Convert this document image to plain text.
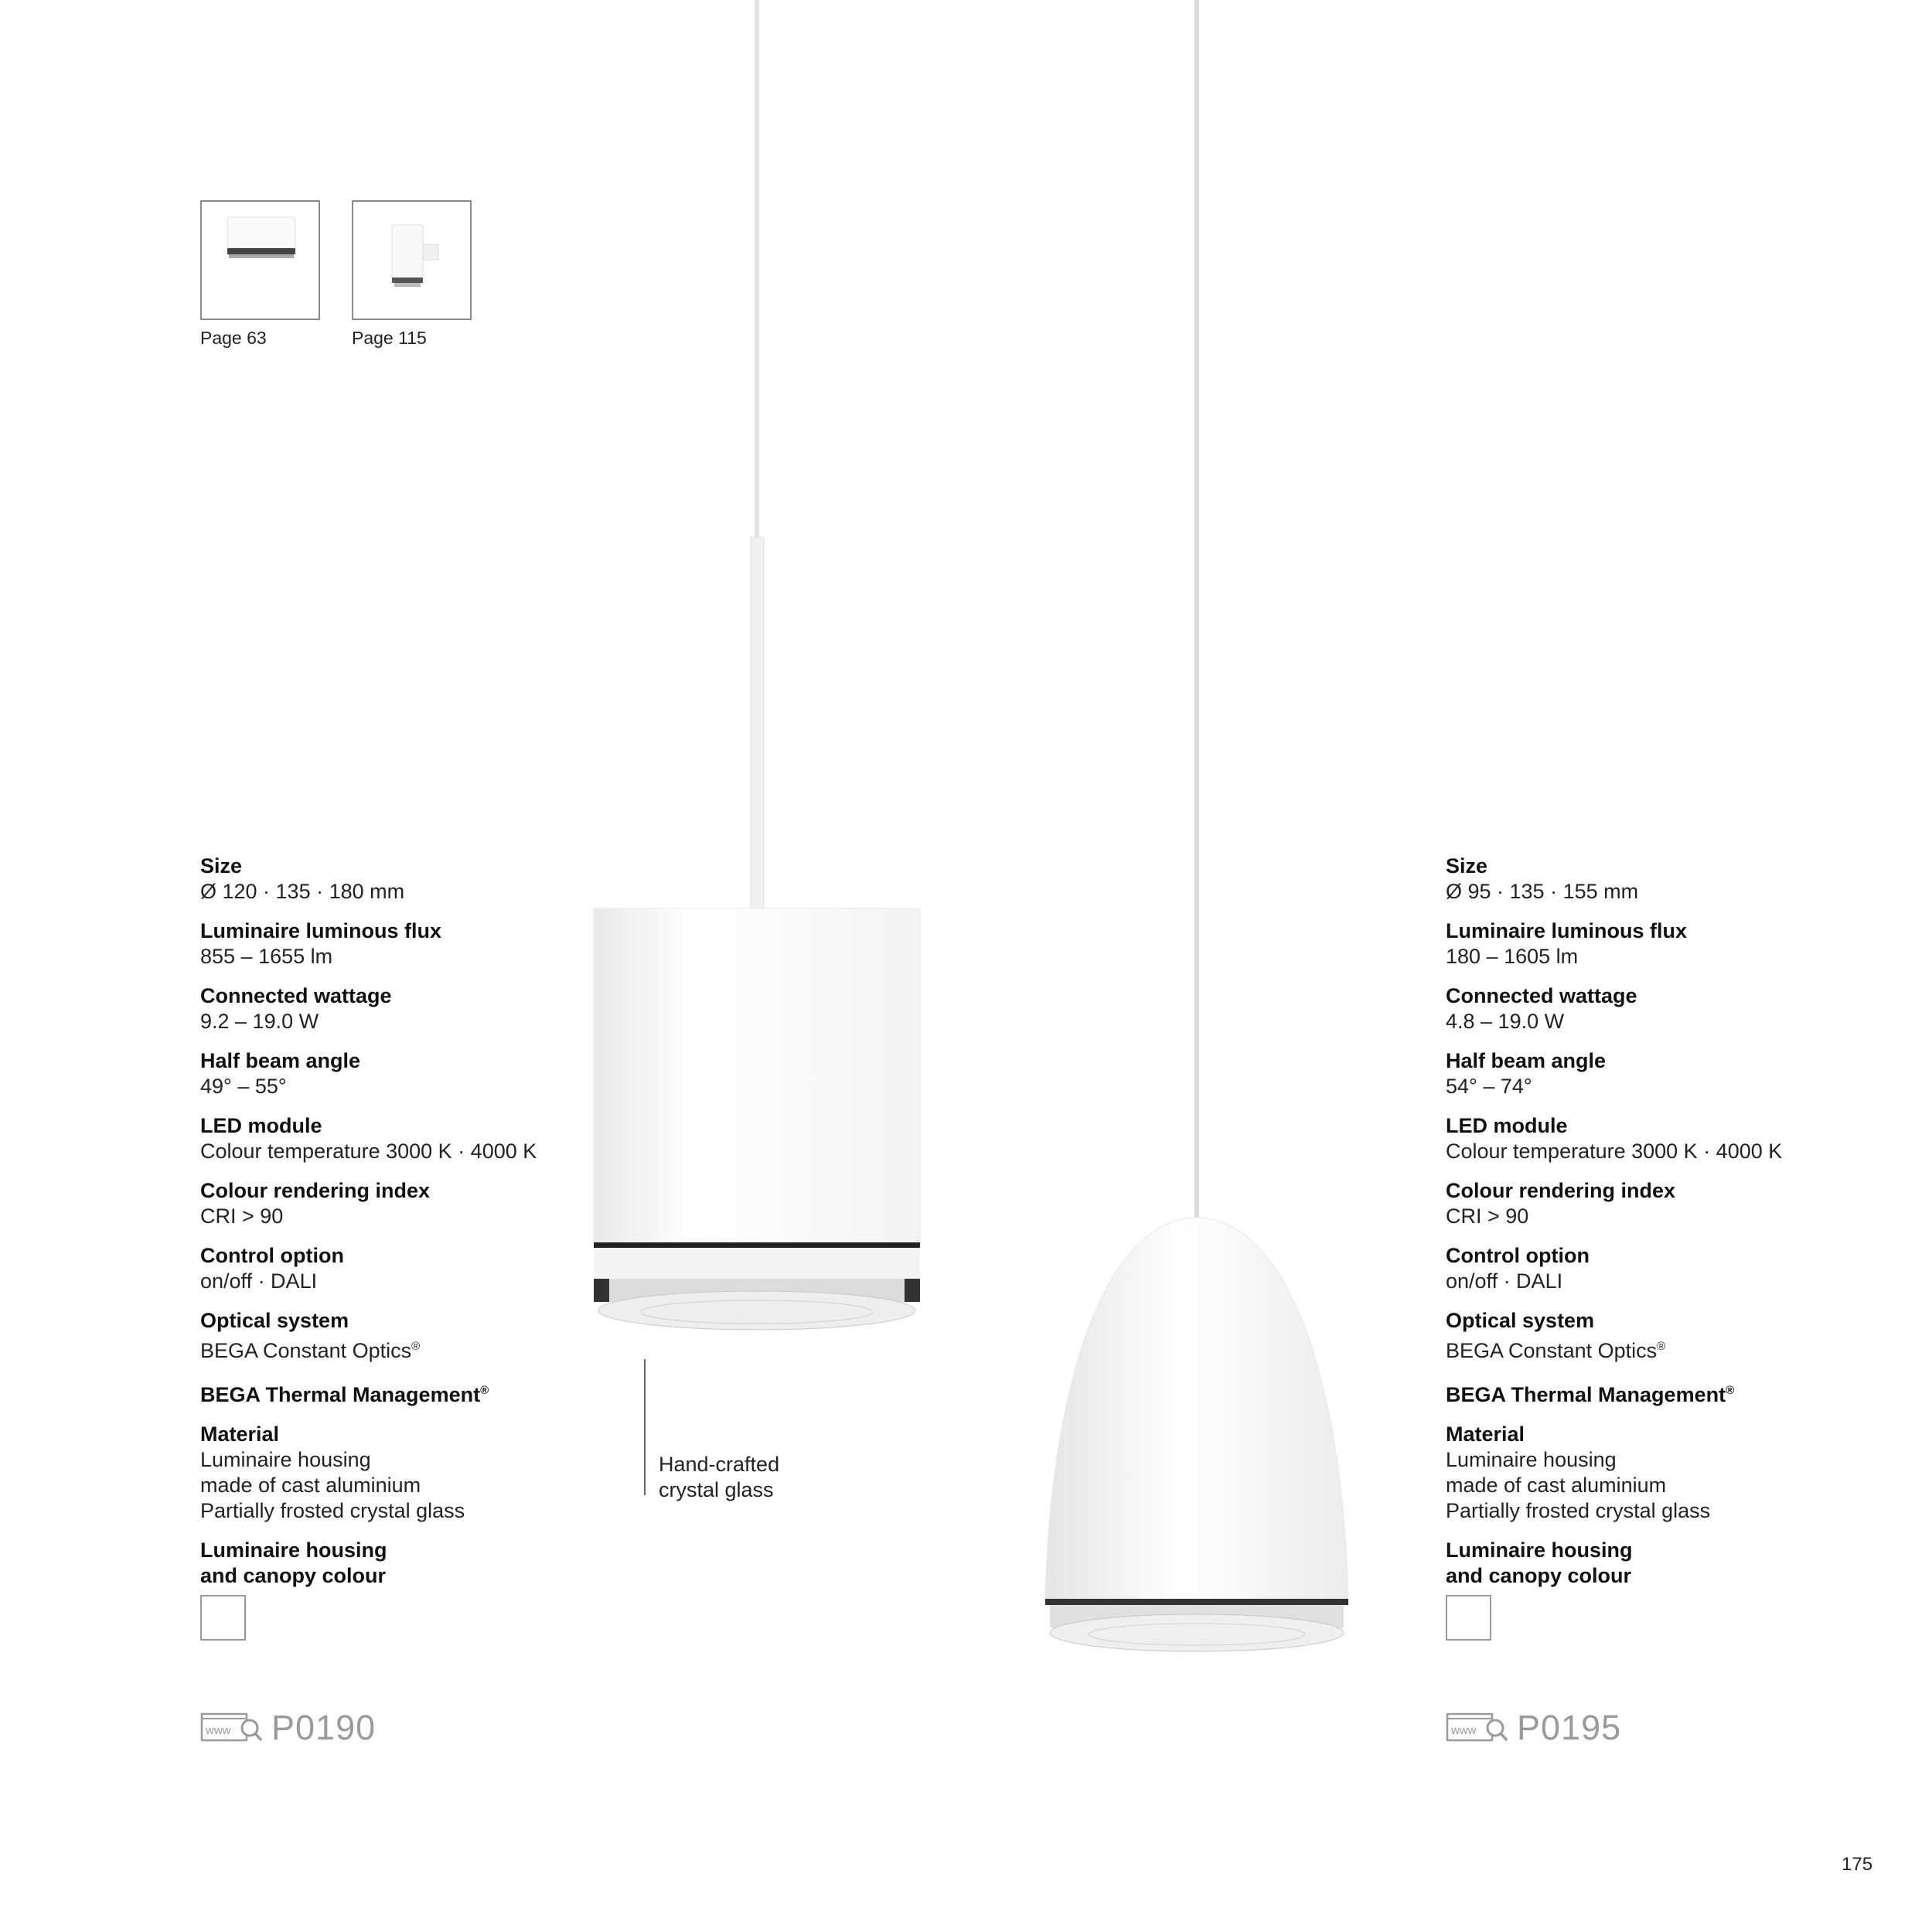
Page 63	Page 115
Hand-crafted
crystal glass
Size
Ø 120 · 135 · 180 mm
Luminaire luminous flux
855 – 1655 lm
Connected wattage
9.2 – 19.0 W
Half beam angle
49° – 55°
LED module
Colour temperature 3000 K · 4000 K
Colour rendering index
CRI > 90
Control option
on/off · DALI
Optical system
BEGA Constant Optics®
BEGA Thermal Management®
Material
Luminaire housing
made of cast aluminium
Partially frosted crystal glass
Luminaire housing
and canopy colour
Size
Ø 95 · 135 · 155 mm
Luminaire luminous flux
180 – 1605 lm
Connected wattage
4.8 – 19.0 W
Half beam angle
54° – 74°
LED module
Colour temperature 3000 K · 4000 K
Colour rendering index
CRI > 90
Control option
on/off · DALI
Optical system
BEGA Constant Optics®
BEGA Thermal Management®
Material
Luminaire housing
made of cast aluminium
Partially frosted crystal glass
Luminaire housing
and canopy colour
www P0190	www P0195
175
